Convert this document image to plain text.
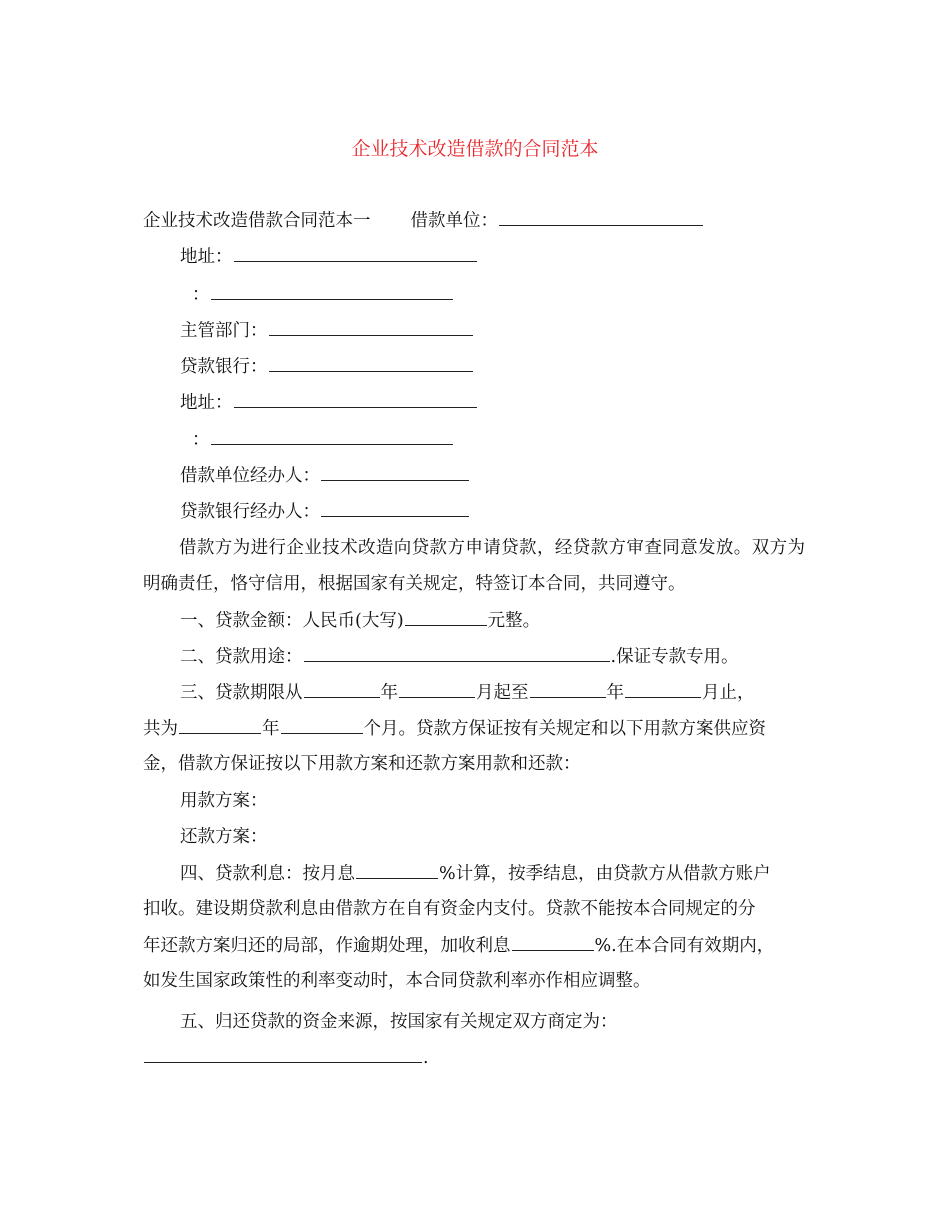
企业技术改造借款的合同范本
企业技术改造借款合同范本一 借款单位：
地址：
：
主管部门：
贷款银行：
地址：
：
借款单位经办人：
贷款银行经办人：
借款方为进行企业技术改造向贷款方申请贷款，经贷款方审查同意发放。双方为明确责任，恪守信用，根据国家有关规定，特签订本合同，共同遵守。
一、贷款金额：人民币(大写)	元整。
二、贷款用途：	.保证专款专用。
三、贷款期限从	年	月起至	年	月止，
共为	年	个月。贷款方保证按有关规定和以下用款方案供应资
金，借款方保证按以下用款方案和还款方案用款和还款：
用款方案：
还款方案：
四、贷款利息：按月息	%计算，按季结息，由贷款方从借款方账户
扣收。建设期贷款利息由借款方在自有资金内支付。贷款不能按本合同规定的分
年还款方案归还的局部，作逾期处理，加收利息	%.在本合同有效期内，
如发生国家政策性的利率变动时，本合同贷款利率亦作相应调整。
五、归还贷款的资金来源，按国家有关规定双方商定为：
.
